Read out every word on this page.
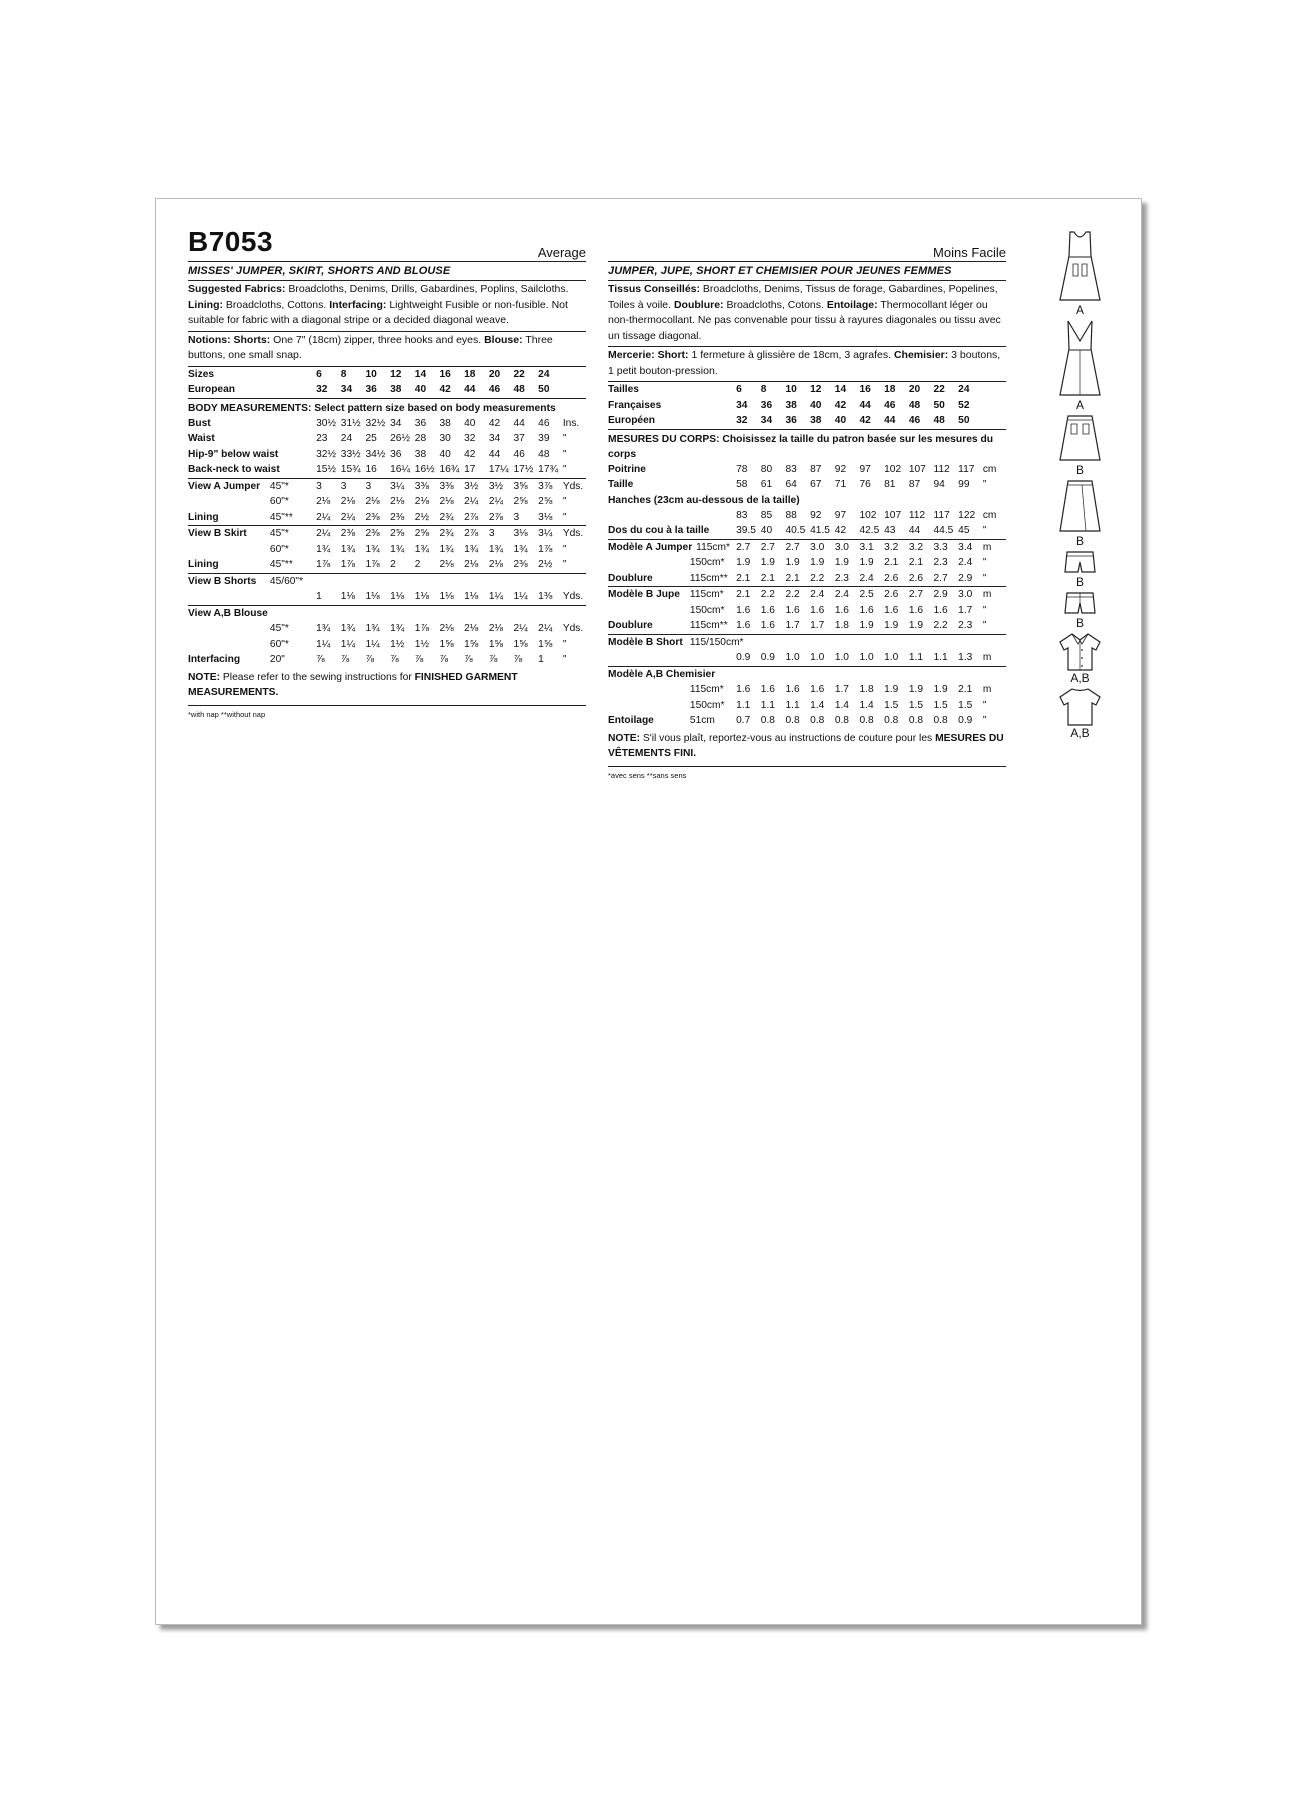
B7053	Average
MISSES' JUMPER, SKIRT, SHORTS AND BLOUSE
Suggested Fabrics: Broadcloths, Denims, Drills, Gabardines, Poplins, Sailcloths. Lining: Broadcloths, Cottons. Interfacing: Lightweight Fusible or non-fusible. Not suitable for fabric with a diagonal stripe or a decided diagonal weave.
Notions: Shorts: One 7" (18cm) zipper, three hooks and eyes. Blouse: Three buttons, one small snap.
Sizes		6	8	10	12	14	16	18	20	22	24	
European		32	34	36	38	40	42	44	46	48	50	
BODY MEASUREMENTS: Select pattern size based on body measurements
Bust		30½	31½	32½	34	36	38	40	42	44	46	Ins.
Waist		23	24	25	26½	28	30	32	34	37	39	"
Hip-9" below waist		32½	33½	34½	36	38	40	42	44	46	48	"
Back-neck to waist		15½	15¾	16	16¼	16½	16¾	17	17¼	17½	17¾	"
View A Jumper	45"*	3	3	3	3¼	3⅜	3⅜	3½	3½	3⅝	3⅞	Yds.
	60"*	2⅛	2⅛	2⅛	2⅛	2⅛	2⅛	2¼	2¼	2⅝	2⅝	"
Lining	45"**	2¼	2¼	2⅜	2⅜	2½	2¾	2⅞	2⅞	3	3⅛	"
View B Skirt	45"*	2¼	2⅜	2⅜	2⅝	2⅝	2¾	2⅞	3	3⅛	3¼	Yds.
	60"*	1¾	1¾	1¾	1¾	1¾	1¾	1¾	1¾	1¾	1⅞	"
Lining	45"**	1⅞	1⅞	1⅞	2	2	2⅛	2⅛	2⅛	2⅜	2½	"
View B Shorts	45/60"*											
		1	1⅛	1⅛	1⅛	1⅛	1⅛	1⅛	1¼	1¼	1⅜	Yds.
View A,B Blouse												
	45"*	1¾	1¾	1¾	1¾	1⅞	2⅛	2⅛	2⅛	2¼	2¼	Yds.
	60"*	1¼	1¼	1¼	1½	1½	1⅝	1⅝	1⅝	1⅝	1⅝	"
Interfacing	20"	⅞	⅞	⅞	⅞	⅞	⅞	⅞	⅞	⅞	1	"
NOTE: Please refer to the sewing instructions for FINISHED GARMENT MEASUREMENTS.
*with nap **without nap
Moins Facile
JUMPER, JUPE, SHORT ET CHEMISIER POUR JEUNES FEMMES
Tissus Conseillés: Broadcloths, Denims, Tissus de forage, Gabardines, Popelines, Toiles à voile. Doublure: Broadcloths, Cotons. Entoilage: Thermocollant léger ou non-thermocollant. Ne pas convenable pour tissu à rayures diagonales ou tissu avec un tissage diagonal.
Mercerie: Short: 1 fermeture à glissière de 18cm, 3 agrafes. Chemisier: 3 boutons, 1 petit bouton-pression.
Tailles		6	8	10	12	14	16	18	20	22	24	
Françaises		34	36	38	40	42	44	46	48	50	52	
Européen		32	34	36	38	40	42	44	46	48	50	
MESURES DU CORPS: Choisissez la taille du patron basée sur les mesures du corps
Poitrine		78	80	83	87	92	97	102	107	112	117	cm
Taille		58	61	64	67	71	76	81	87	94	99	"
Hanches (23cm au-dessous de la taille)
		83	85	88	92	97	102	107	112	117	122	cm
Dos du cou à la taille		39.5	40	40.5	41.5	42	42.5	43	44	44.5	45	"
Modèle A Jumper 115cm*		2.7	2.7	2.7	3.0	3.0	3.1	3.2	3.2	3.3	3.4	m
	150cm*	1.9	1.9	1.9	1.9	1.9	1.9	2.1	2.1	2.3	2.4	"
Doublure	115cm**	2.1	2.1	2.1	2.2	2.3	2.4	2.6	2.6	2.7	2.9	"
Modèle B Jupe	115cm*	2.1	2.2	2.2	2.4	2.4	2.5	2.6	2.7	2.9	3.0	m
	150cm*	1.6	1.6	1.6	1.6	1.6	1.6	1.6	1.6	1.6	1.7	"
Doublure	115cm**	1.6	1.6	1.7	1.7	1.8	1.9	1.9	1.9	2.2	2.3	"
Modèle B Short	115/150cm*											
		0.9	0.9	1.0	1.0	1.0	1.0	1.0	1.1	1.1	1.3	m
Modèle A,B Chemisier												
	115cm*	1.6	1.6	1.6	1.6	1.7	1.8	1.9	1.9	1.9	2.1	m
	150cm*	1.1	1.1	1.1	1.4	1.4	1.4	1.5	1.5	1.5	1.5	"
Entoilage	51cm	0.7	0.8	0.8	0.8	0.8	0.8	0.8	0.8	0.8	0.9	"
NOTE: S'il vous plaît, reportez-vous au instructions de couture pour les MESURES DU VÊTEMENTS FINI.
*avec sens **sans sens
A
A
B
B
B
B
A,B
A,B
